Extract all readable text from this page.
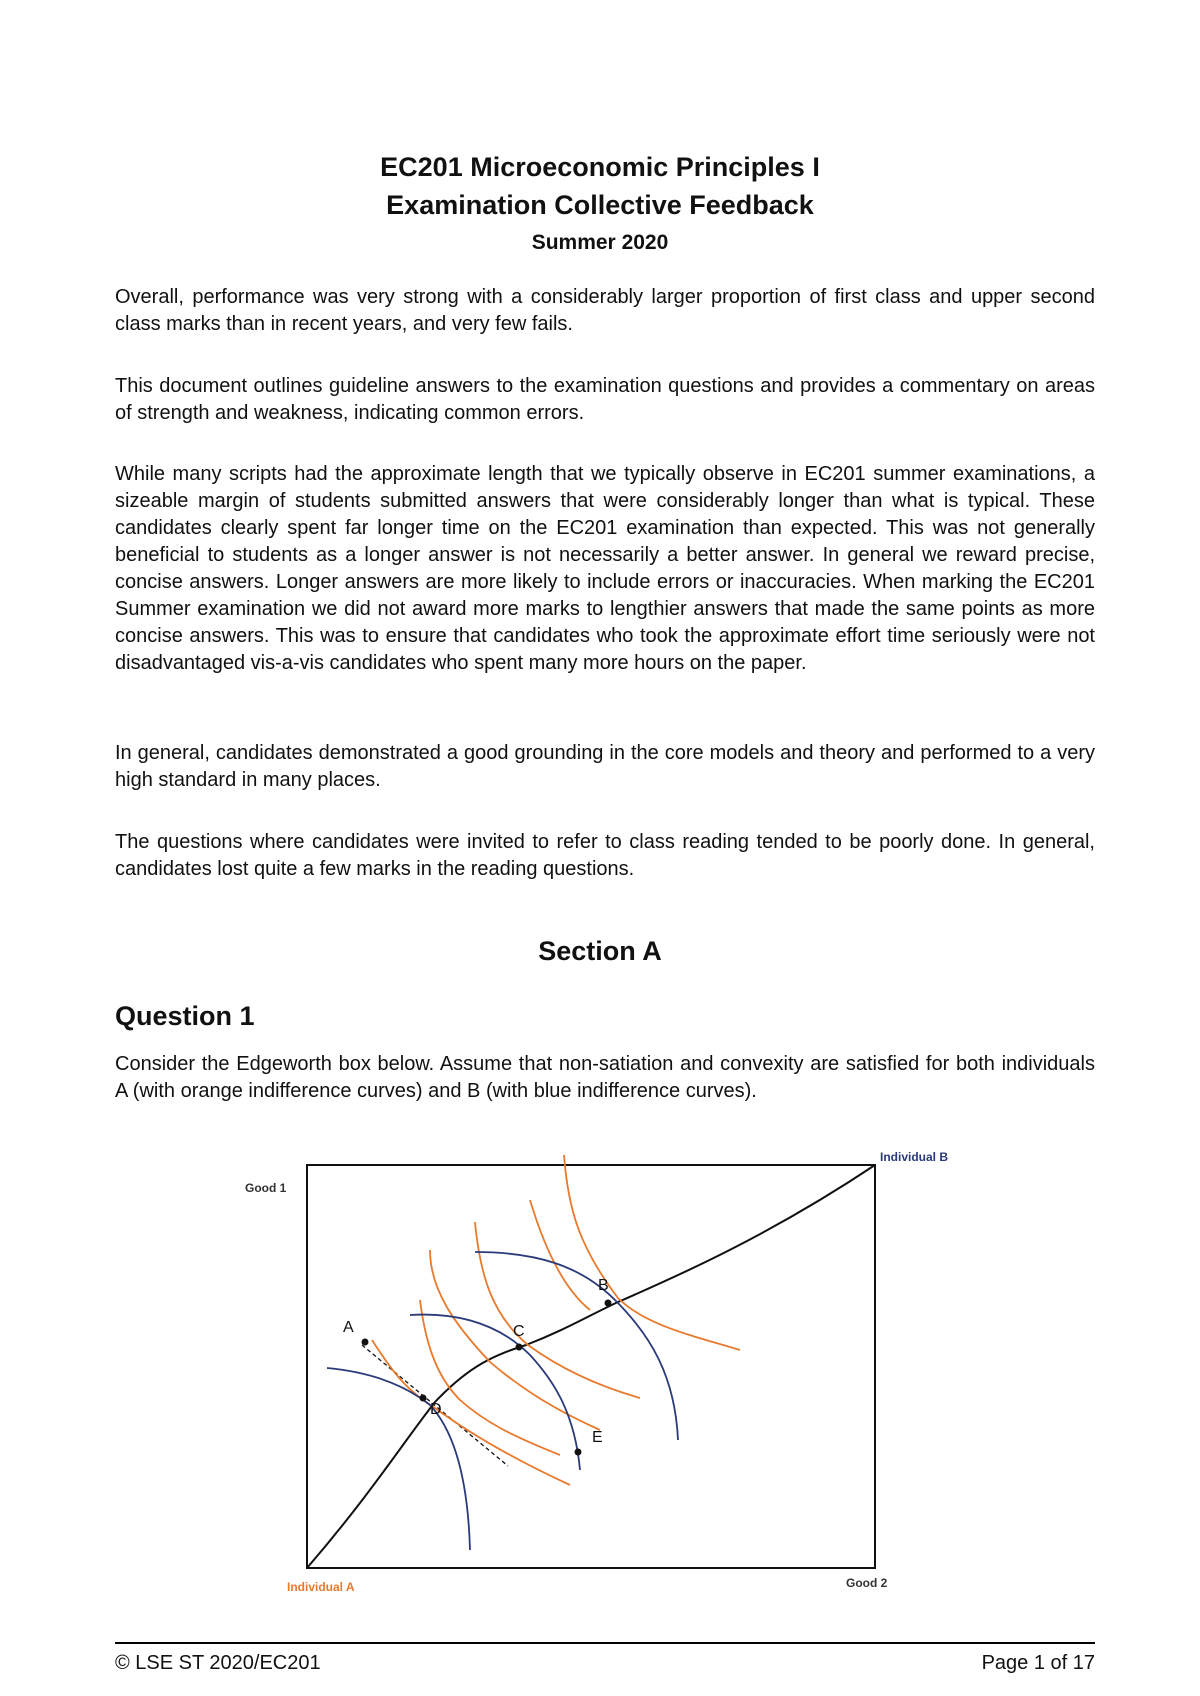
EC201 Microeconomic Principles I
Examination Collective Feedback
Summer 2020

Overall, performance was very strong with a considerably larger proportion of first class and upper second class marks than in recent years, and very few fails.

This document outlines guideline answers to the examination questions and provides a commentary on areas of strength and weakness, indicating common errors.

While many scripts had the approximate length that we typically observe in EC201 summer examinations, a sizeable margin of students submitted answers that were considerably longer than what is typical. These candidates clearly spent far longer time on the EC201 examination than expected. This was not generally beneficial to students as a longer answer is not necessarily a better answer. In general we reward precise, concise answers. Longer answers are more likely to include errors or inaccuracies. When marking the EC201 Summer examination we did not award more marks to lengthier answers that made the same points as more concise answers. This was to ensure that candidates who took the approximate effort time seriously were not disadvantaged vis-a-vis candidates who spent many more hours on the paper.

In general, candidates demonstrated a good grounding in the core models and theory and performed to a very high standard in many places.

The questions where candidates were invited to refer to class reading tended to be poorly done. In general, candidates lost quite a few marks in the reading questions.

Section A
Question 1

Consider the Edgeworth box below. Assume that non-satiation and convexity are satisfied for both individuals A (with orange indifference curves) and B (with blue indifference curves).

A
B
C
D
E
Individual B
Individual A
Good 1
Good 2
© LSE ST 2020/EC201	Page 1 of 17
